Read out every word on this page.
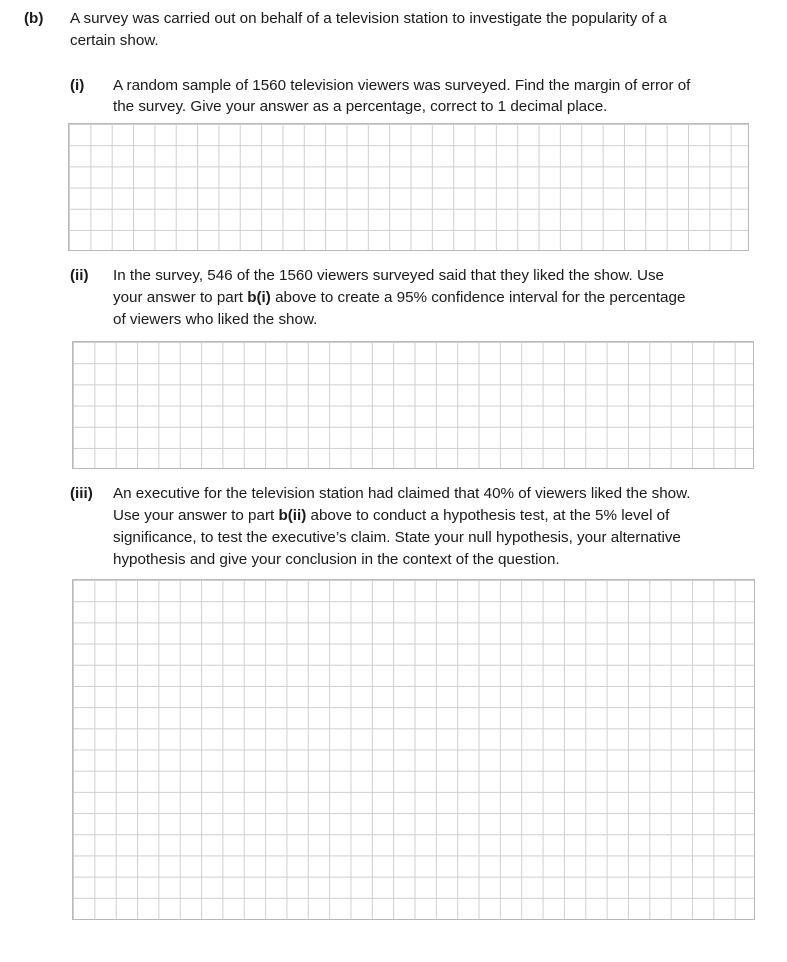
(b) A survey was carried out on behalf of a television station to investigate the popularity of a
certain show.
(i) A random sample of 1560 television viewers was surveyed. Find the margin of error of
the survey. Give your answer as a percentage, correct to 1 decimal place.
(ii) In the survey, 546 of the 1560 viewers surveyed said that they liked the show. Use
your answer to part b(i) above to create a 95% confidence interval for the percentage
of viewers who liked the show.
(iii) An executive for the television station had claimed that 40% of viewers liked the show.
Use your answer to part b(ii) above to conduct a hypothesis test, at the 5% level of
significance, to test the executive’s claim. State your null hypothesis, your alternative
hypothesis and give your conclusion in the context of the question.
